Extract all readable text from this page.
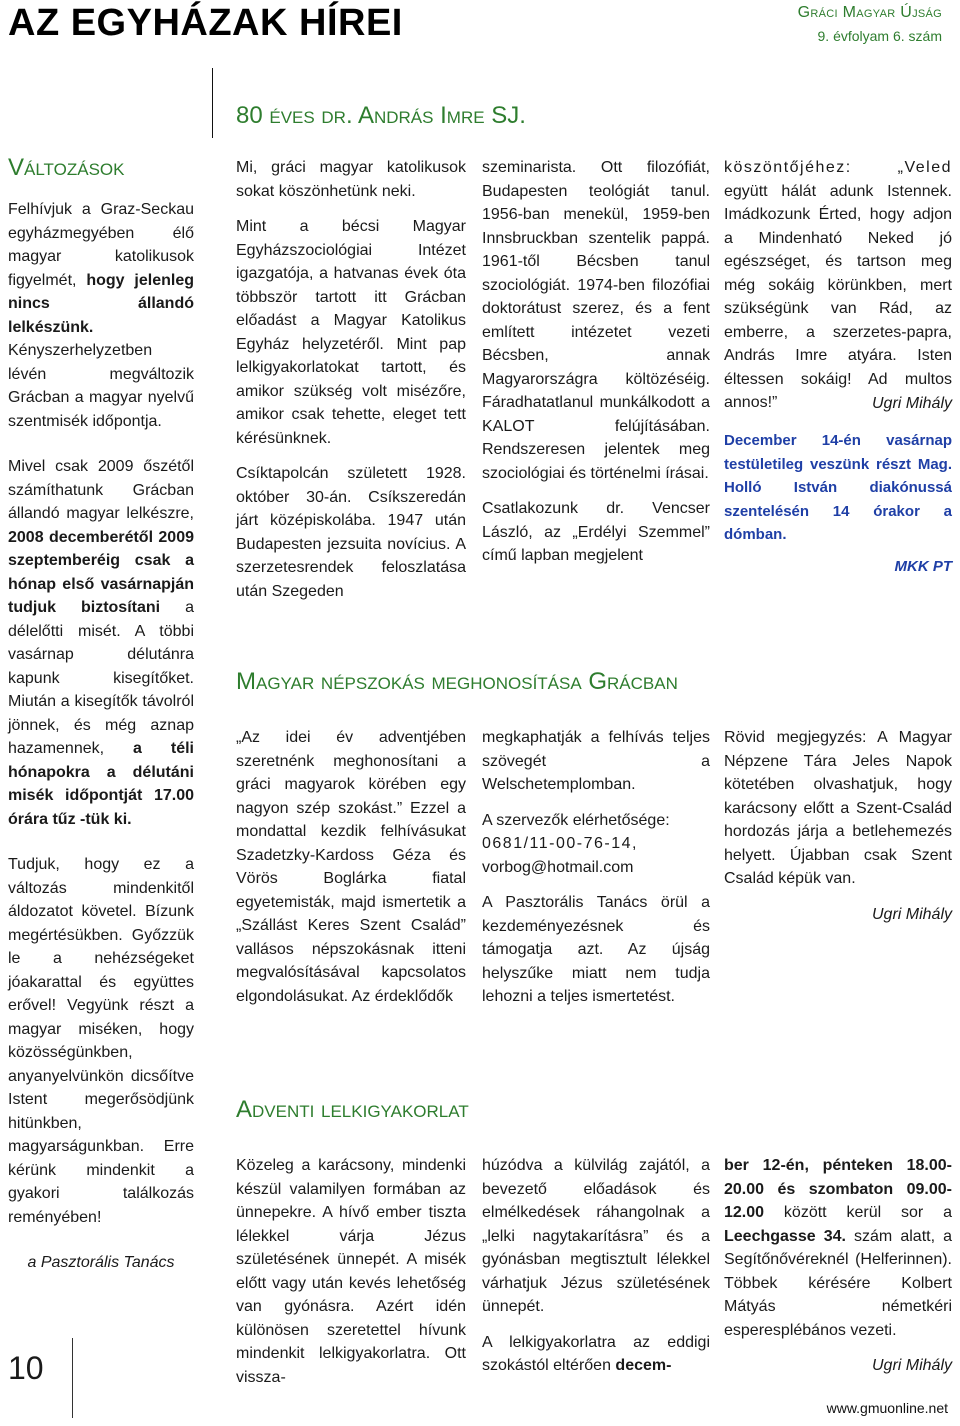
AZ EGYHÁZAK HÍREI	Gráci Magyar Újság
9. évfolyam 6. szám
Változások

Felhívjuk a Graz-Seckau egyházmegyében élő magyar katolikusok figyelmét, hogy jelenleg nincs állandó lelkészünk. Kényszerhelyzetben lévén megváltozik Grácban a magyar nyelvű szentmisék időpontja.

Mivel csak 2009 őszétől számíthatunk Grácban állandó magyar lelkészre, 2008 decemberétől 2009 szeptemberéig csak a hónap első vasárnapján tudjuk biztosítani a délelőtti misét. A többi vasárnap délutánra kapunk kisegítőket. Miután a kisegítők távolról jönnek, és még aznap hazamennek, a téli hónapokra a délutáni misék időpontját 17.00 órára tűz -tük ki.

Tudjuk, hogy ez a változás mindenkitől áldozatot követel. Bízunk megértésükben. Győzzük le a nehézségeket jóakarattal és együttes erővel! Vegyünk részt a magyar miséken, hogy közösségünkben, anyanyelvünkön dicsőítve Istent megerősödjünk hitünkben, magyarságunkban. Erre kérünk mindenkit a gyakori találkozás reményében!

a Pasztorális Tanács

80 éves dr. András Imre SJ.

Mi, gráci magyar katolikusok sokat köszönhetünk neki.

Mint a bécsi Magyar Egyházszociológiai Intézet igazgatója, a hatvanas évek óta többször tartott itt Grácban előadást a Magyar Katolikus Egyház helyzetéről. Mint pap lelkigyakorlatokat tartott, és amikor szükség volt misézőre, amikor csak tehette, eleget tett kérésünknek.

Csíktapolcán született 1928. október 30-án. Csíkszeredán járt középiskolába. 1947 után Budapesten jezsuita novícius. A szerzetesrendek feloszlatása után Szegeden

szeminarista. Ott filozófiát, Budapesten teológiát tanul. 1956-ban menekül, 1959-ben Innsbruckban szentelik pappá. 1961-től Bécsben tanul szociológiát. 1974-ben filozófiai doktorátust szerez, és a fent említett intézetet vezeti Bécsben, annak Magyarországra költözéséig. Fáradhatatlanul munkálkodott a KALOT felújításában. Rendszeresen jelentek meg szociológiai és történelmi írásai.

Csatlakozunk dr. Vencser László, az „Erdélyi Szemmel” című lapban megjelent

köszöntőjéhez: „Veled együtt hálát adunk Istennek. Imádkozunk Érted, hogy adjon a Mindenható Neked jó egészséget, és tartson meg még sokáig körünkben, mert szükségünk van Rád, az emberre, a szerzetes-papra, András Imre atyára. Isten éltessen sokáig! Ad multos annos!”	Ugri Mihály

December 14-én vasárnap testületileg veszünk részt Mag. Holló István diakónussá szentelésén 14 órakor a dómban.

MKK PT

Magyar népszokás meghonosítása Grácban

„Az idei év adventjében szeretnénk meghonosítani a gráci magyarok körében egy nagyon szép szokást.” Ezzel a mondattal kezdik felhívásukat Szadetzky-Kardoss Géza és Vörös Boglárka fiatal egyetemisták, majd ismertetik a „Szállást Keres Szent Család” vallásos népszokásnak itteni megvalósításával kapcsolatos elgondolásukat. Az érdeklődők

megkaphatják a felhívás teljes szövegét a Welschetemplomban.

A szervezők elérhetősége:

0681/11-00-76-14,

vorbog@hotmail.com

A Pasztorális Tanács örül a kezdeményezésnek és támogatja azt. Az újság helyszűke miatt nem tudja lehozni a teljes ismertetést.

Rövid megjegyzés: A Magyar Népzene Tára Jeles Napok kötetében olvashatjuk, hogy karácsony előtt a Szent-Család hordozás járja a betlehemezés helyett. Újabban csak Szent Család képük van.

Ugri Mihály

Adventi lelkigyakorlat

Közeleg a karácsony, mindenki készül valamilyen formában az ünnepekre. A hívő ember tiszta lélekkel várja Jézus születésének ünnepét. A misék előtt vagy után kevés lehetőség van gyónásra. Azért idén különösen szeretettel hívunk mindenkit lelkigyakorlatra. Ott vissza-

húzódva a külvilág zajától, a bevezető előadások és elmélkedések ráhangolnak a „lelki nagytakarításra” és a gyónásban megtisztult lélekkel várhatjuk Jézus születésének ünnepét.

A lelkigyakorlatra az eddigi szokástól eltérően decem-

ber 12-én, pénteken 18.00-20.00 és szombaton 09.00-12.00 között kerül sor a Leechgasse 34. szám alatt, a Segítőnővéreknél (Helferinnen). Többek kérésére Kolbert Mátyás németkéri esperesplébános vezeti.

Ugri Mihály

10
www.gmuonline.net
